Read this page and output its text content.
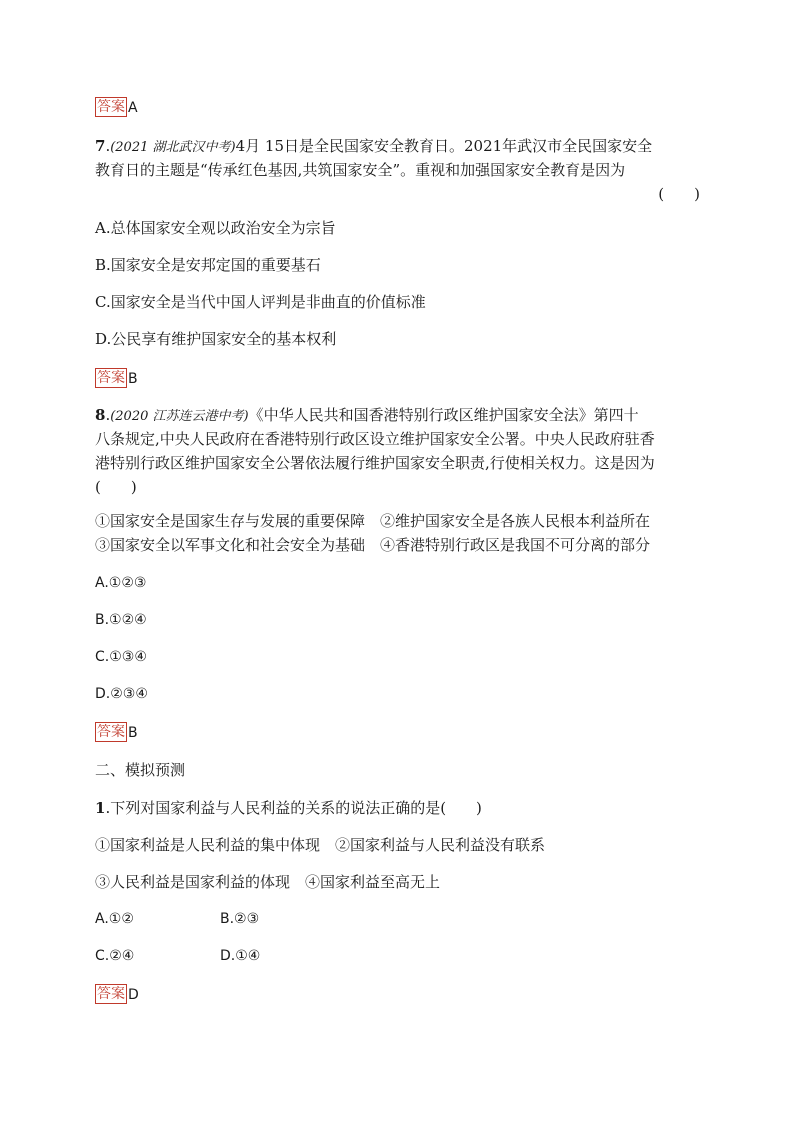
答案 A
7.(2021 湖北武汉中考)4月 15日是全民国家安全教育日。2021年武汉市全民国家安全
教育日的主题是“传承红色基因,共筑国家安全”。重视和加强国家安全教育是因为
(　　)
A.总体国家安全观以政治安全为宗旨
B.国家安全是安邦定国的重要基石
C.国家安全是当代中国人评判是非曲直的价值标准
D.公民享有维护国家安全的基本权利
答案 B
8.(2020 江苏连云港中考)《中华人民共和国香港特别行政区维护国家安全法》第四十
八条规定,中央人民政府在香港特别行政区设立维护国家安全公署。中央人民政府驻香
港特别行政区维护国家安全公署依法履行维护国家安全职责,行使相关权力。这是因为
(　　)
①国家安全是国家生存与发展的重要保障　②维护国家安全是各族人民根本利益所在
③国家安全以军事文化和社会安全为基础　④香港特别行政区是我国不可分离的部分
A.①②③
B.①②④
C.①③④
D.②③④
答案 B
二、模拟预测
1.下列对国家利益与人民利益的关系的说法正确的是(　　)
①国家利益是人民利益的集中体现　②国家利益与人民利益没有联系
③人民利益是国家利益的体现　④国家利益至高无上
A.①②	B.②③
C.②④	D.①④
答案 D
